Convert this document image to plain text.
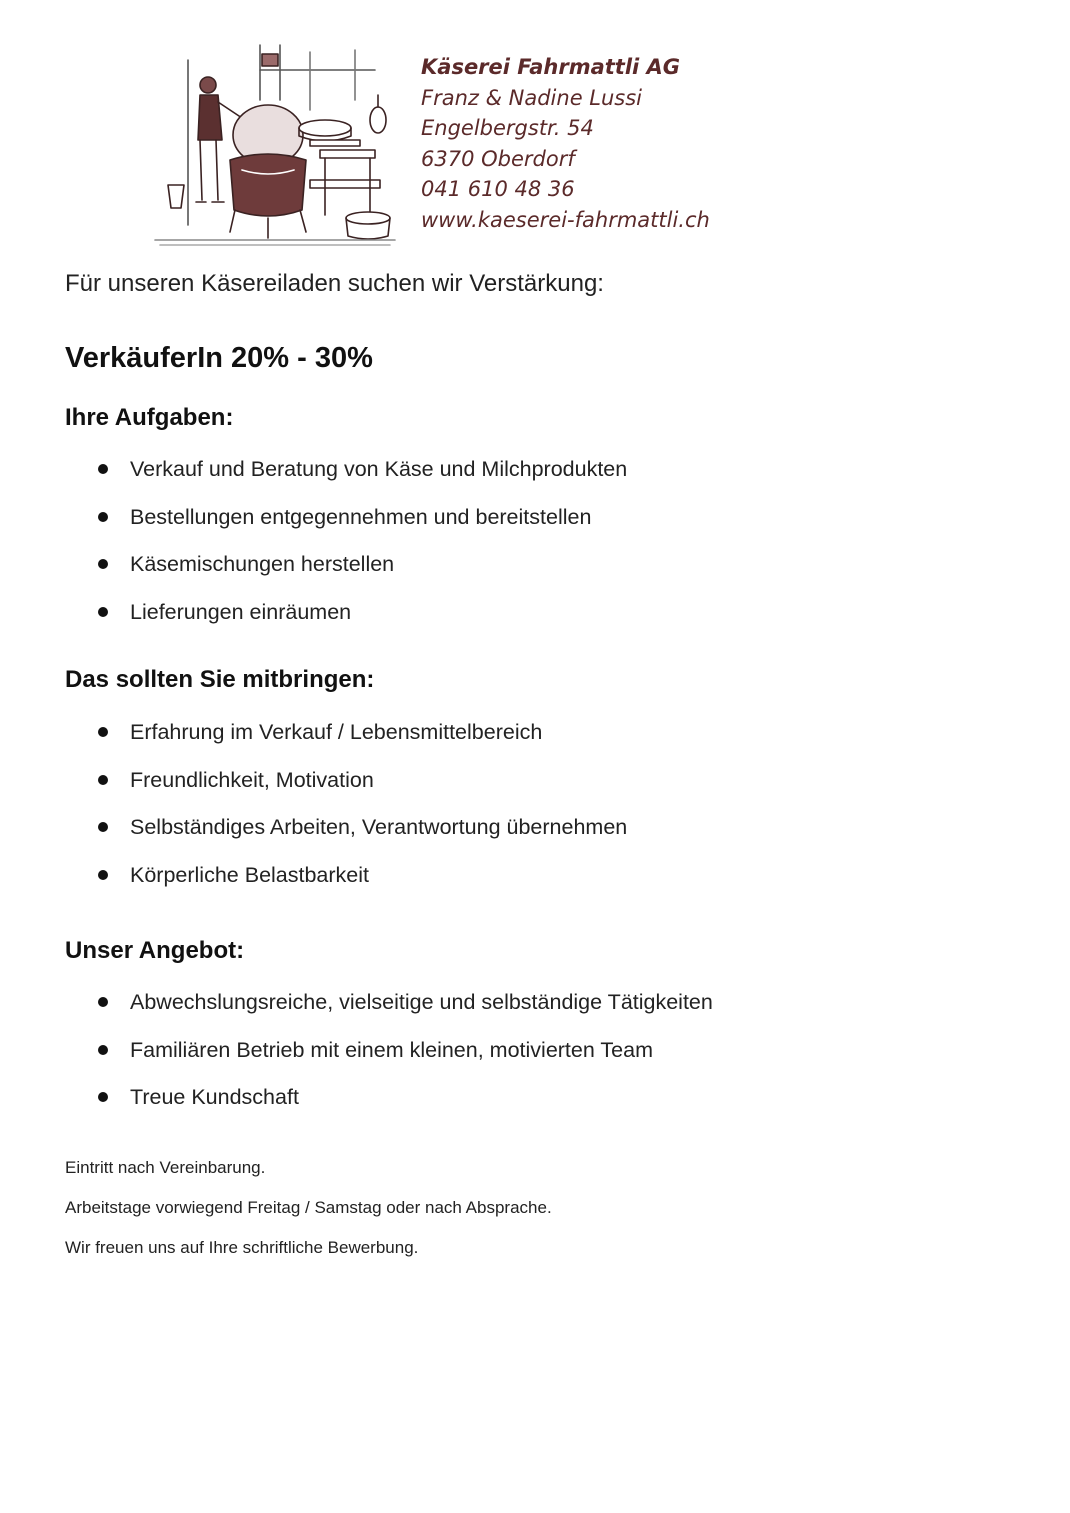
Käserei Fahrmattli AG
Franz & Nadine Lussi
Engelbergstr. 54
6370 Oberdorf
041 610 48 36
www.kaeserei-fahrmattli.ch
Für unseren Käsereiladen suchen wir Verstärkung:
VerkäuferIn 20% - 30%
Ihre Aufgaben:
Verkauf und Beratung von Käse und Milchprodukten
Bestellungen entgegennehmen und bereitstellen
Käsemischungen herstellen
Lieferungen einräumen
Das sollten Sie mitbringen:
Erfahrung im Verkauf / Lebensmittelbereich
Freundlichkeit, Motivation
Selbständiges Arbeiten, Verantwortung übernehmen
Körperliche Belastbarkeit
Unser Angebot:
Abwechslungsreiche, vielseitige und selbständige Tätigkeiten
Familiären Betrieb mit einem kleinen, motivierten Team
Treue Kundschaft
Eintritt nach Vereinbarung.
Arbeitstage vorwiegend Freitag / Samstag oder nach Absprache.
Wir freuen uns auf Ihre schriftliche Bewerbung.
